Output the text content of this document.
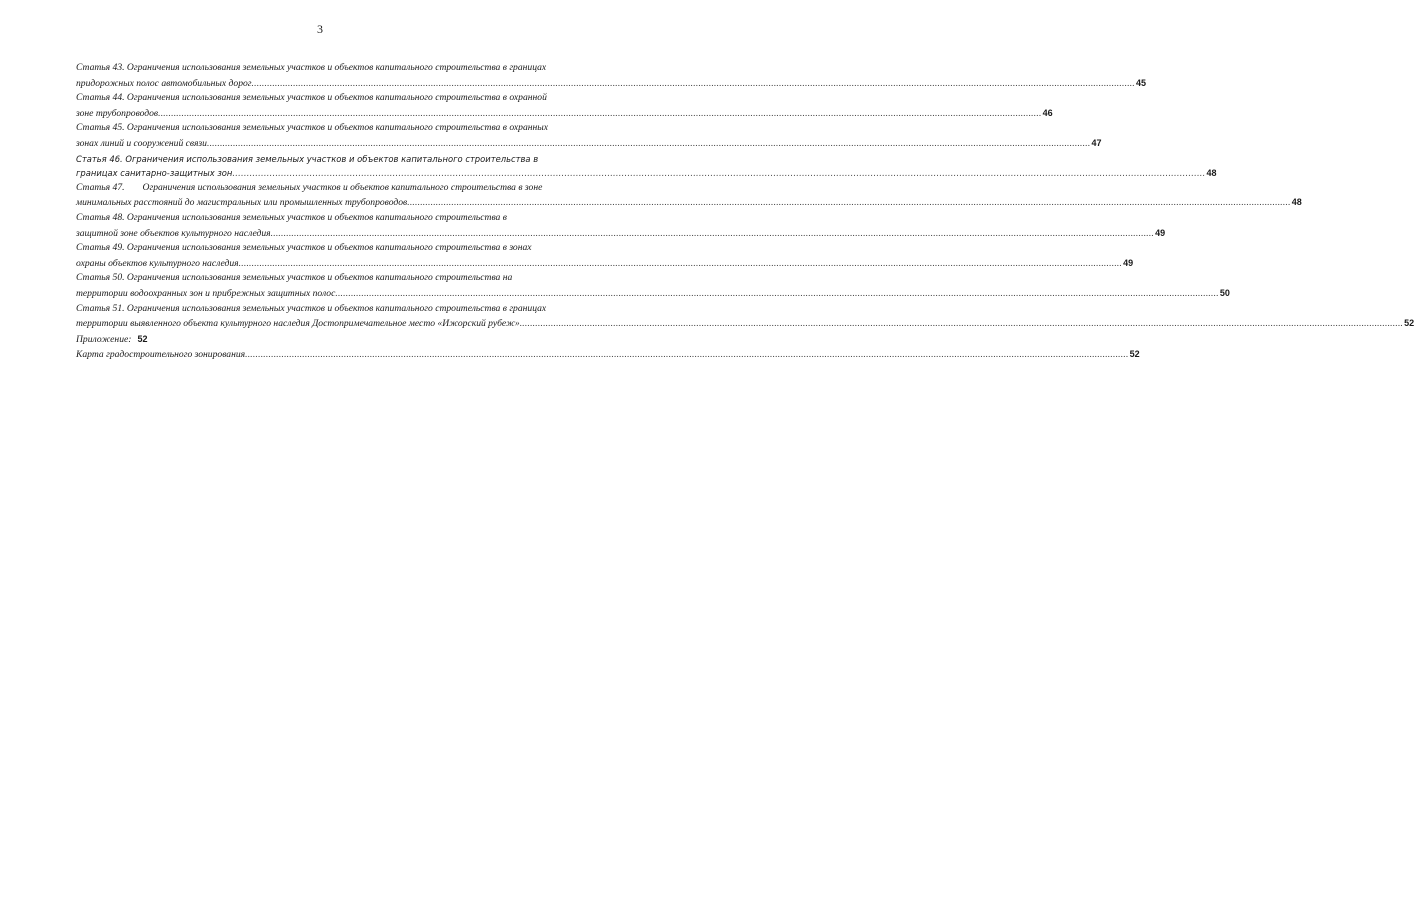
3
Статья 43. Ограничения использования земельных участков и объектов капитального строительства в границах
придорожных полос автомобильных дорог .................................................................................................................................................................................................................................................................................................................................................... 45
Статья 44. Ограничения использования земельных участков и объектов капитального строительства в охранной
зоне трубопроводов .................................................................................................................................................................................................................................................................................................................................................... 46
Статья 45. Ограничения использования земельных участков и объектов капитального строительства в охранных
зонах линий и сооружений связи .................................................................................................................................................................................................................................................................................................................................................... 47
Статья 46. Ограничения использования земельных участков и объектов капитального строительства в
границах санитарно-защитных зон .................................................................................................................................................................................................................................................................................................................................................... 48
Статья 47. Ограничения использования земельных участков и объектов капитального строительства в зоне
минимальных расстояний до магистральных или промышленных трубопроводов .................................................................................................................................................................................................................................................................................................................................................... 48
Статья 48. Ограничения использования земельных участков и объектов капитального строительства в
защитной зоне объектов культурного наследия .................................................................................................................................................................................................................................................................................................................................................... 49
Статья 49. Ограничения использования земельных участков и объектов капитального строительства в зонах
охраны объектов культурного наследия .................................................................................................................................................................................................................................................................................................................................................... 49
Статья 50. Ограничения использования земельных участков и объектов капитального строительства на
территории водоохранных зон и прибрежных защитных полос .................................................................................................................................................................................................................................................................................................................................................... 50
Статья 51. Ограничения использования земельных участков и объектов капитального строительства в границах
территории выявленного объекта культурного наследия Достопримечательное место «Ижорский рубеж» .................................................................................................................................................................................................................................................................................................................................................... 52
Приложение: 52
Карта градостроительного зонирования .................................................................................................................................................................................................................................................................................................................................................... 52
